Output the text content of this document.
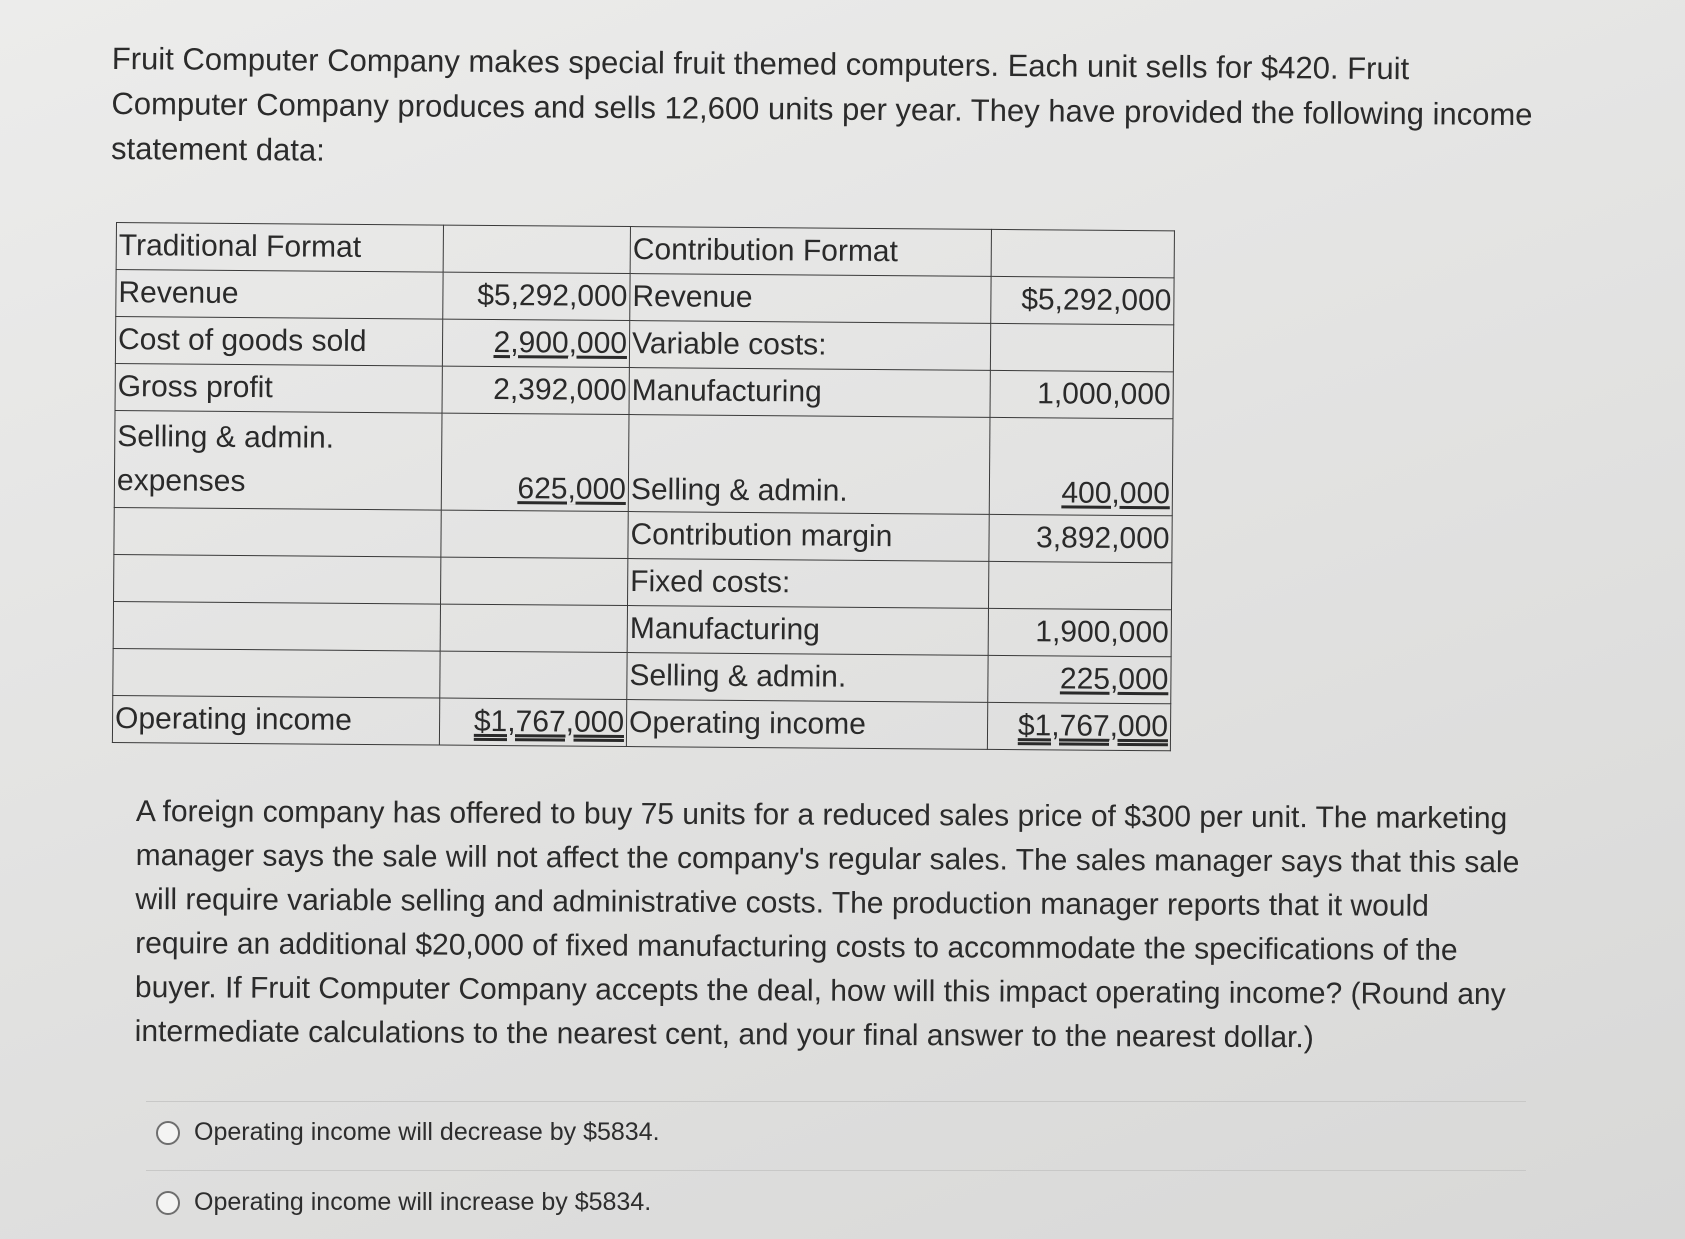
Fruit Computer Company makes special fruit themed computers. Each unit sells for $420. Fruit Computer Company produces and sells 12,600 units per year. They have provided the following income statement data:

Traditional Format		Contribution Format	
Revenue	$5,292,000	Revenue	$5,292,000
Cost of goods sold	2,900,000	Variable costs:	
Gross profit	2,392,000	Manufacturing	1,000,000

Selling & admin.
expenses	625,000	Selling & admin.	400,000
		Contribution margin	3,892,000
		Fixed costs:	
		Manufacturing	1,900,000
		Selling & admin.	225,000
Operating income	$1,767,000	Operating income	$1,767,000

A foreign company has offered to buy 75 units for a reduced sales price of $300 per unit. The marketing manager says the sale will not affect the company's regular sales. The sales manager says that this sale will require variable selling and administrative costs. The production manager reports that it would require an additional $20,000 of fixed manufacturing costs to accommodate the specifications of the buyer. If Fruit Computer Company accepts the deal, how will this impact operating income? (Round any intermediate calculations to the nearest cent, and your final answer to the nearest dollar.)

Operating income will decrease by $5834.
Operating income will increase by $5834.
